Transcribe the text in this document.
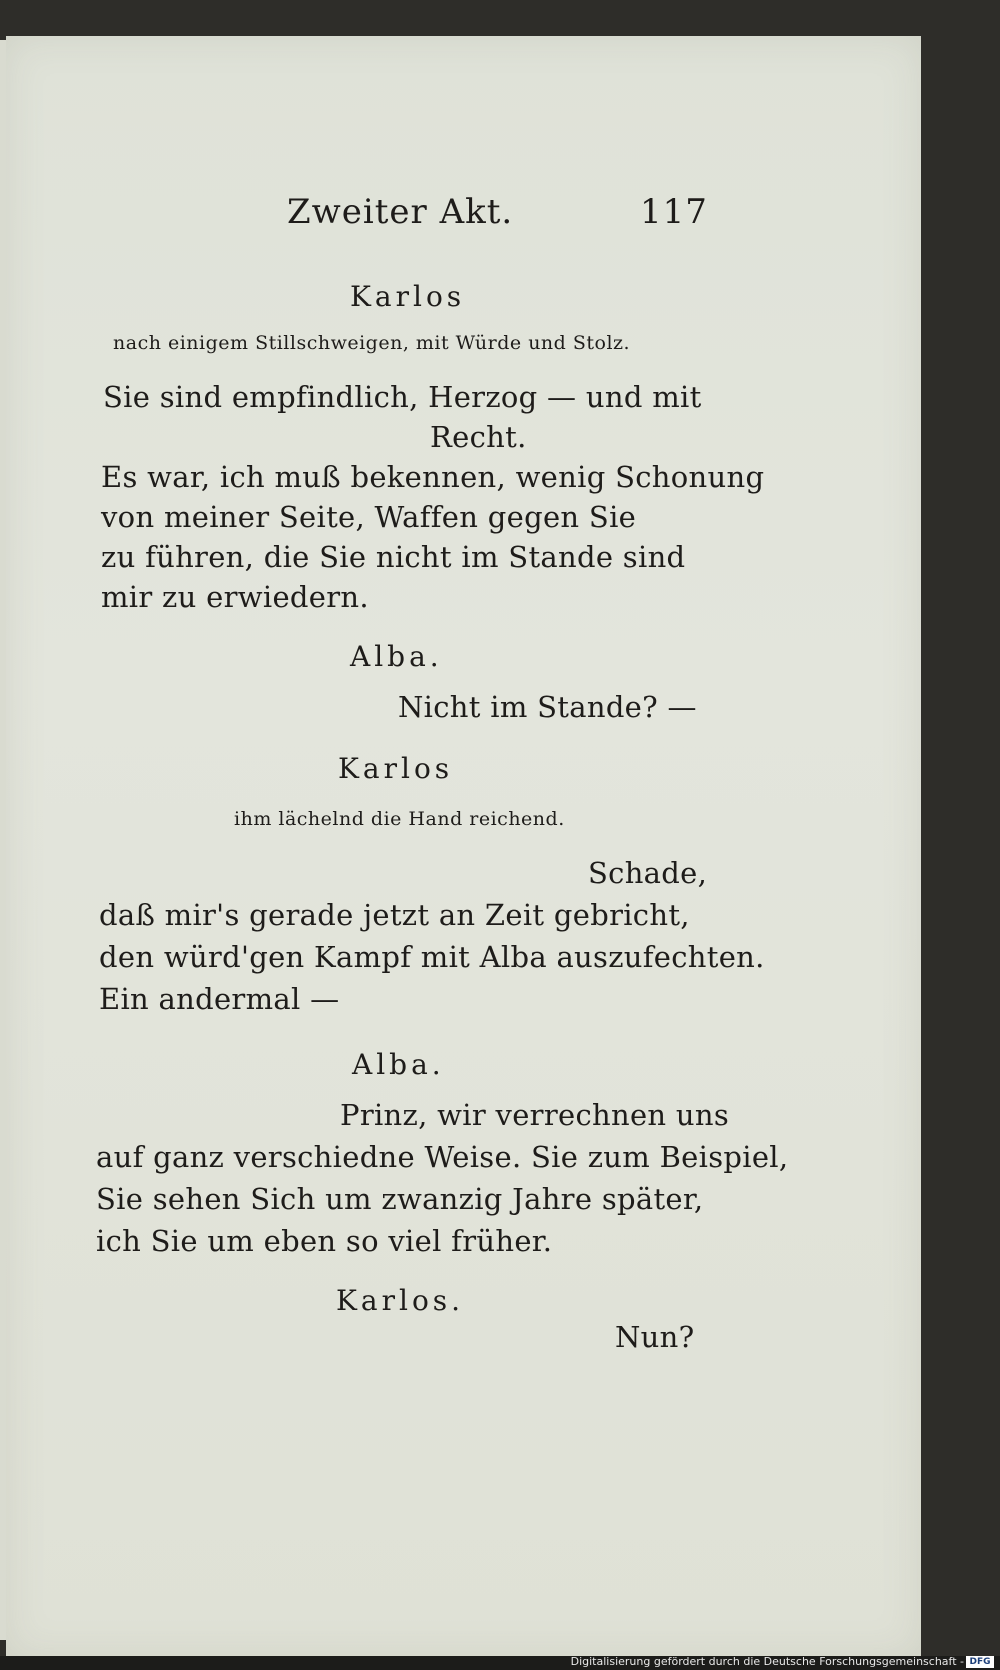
Zweiter Akt.	117
Karlos
nach einigem Stillschweigen, mit Würde und Stolz.
Sie sind empfindlich, Herzog — und mit
Recht.
Es war, ich muß bekennen, wenig Schonung
von meiner Seite, Waffen gegen Sie
zu führen, die Sie nicht im Stande sind
mir zu erwiedern.
Alba.
Nicht im Stande? —
Karlos
ihm lächelnd die Hand reichend.
Schade,
daß mir's gerade jetzt an Zeit gebricht,
den würd'gen Kampf mit Alba auszufechten.
Ein andermal —
Alba.
Prinz, wir verrechnen uns
auf ganz verschiedne Weise. Sie zum Beispiel,
Sie sehen Sich um zwanzig Jahre später,
ich Sie um eben so viel früher.
Karlos.
Nun?
Digitalisierung gefördert durch die Deutsche Forschungsgemeinschaft - DFG
